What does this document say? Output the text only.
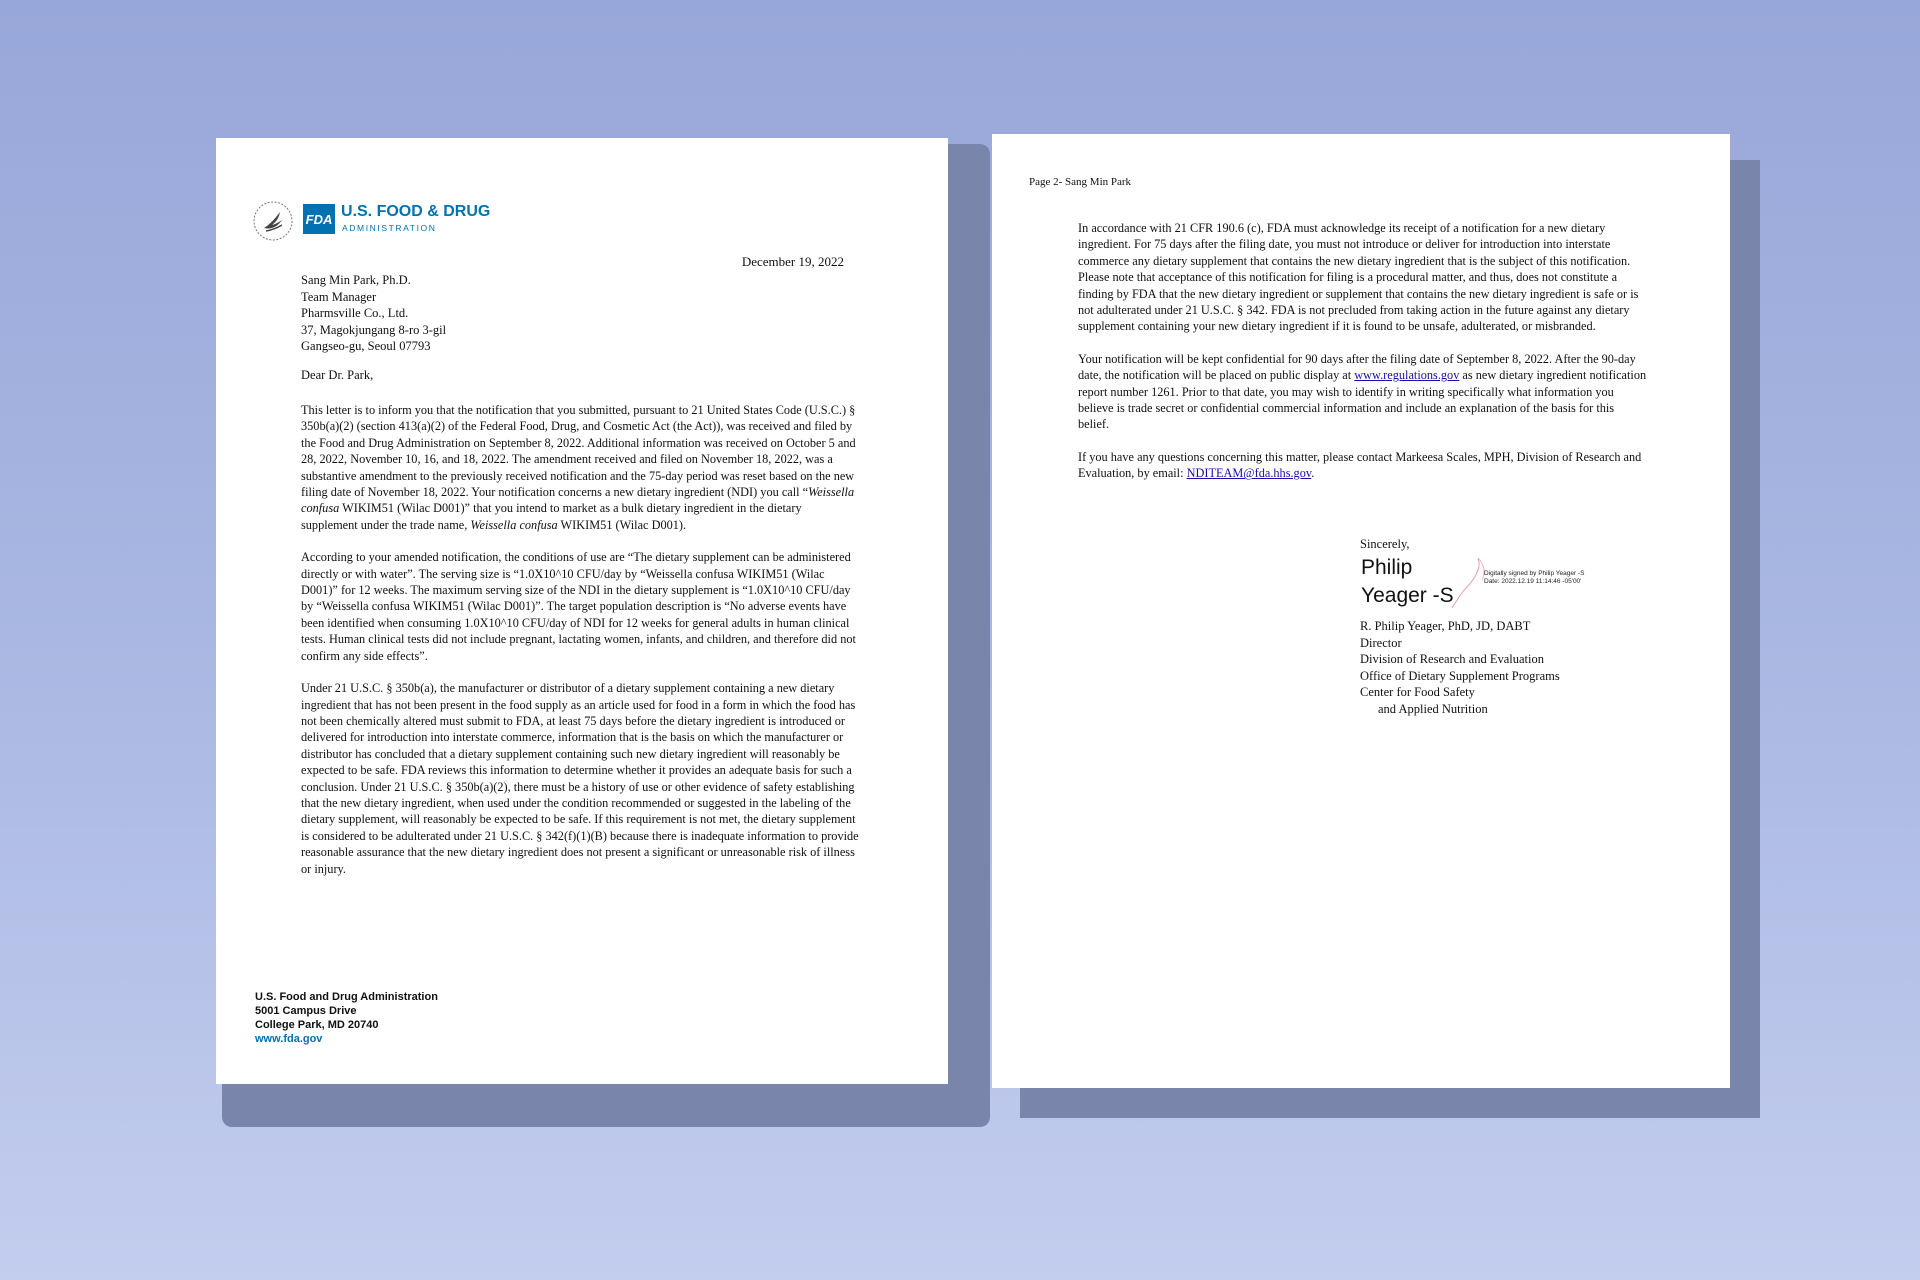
FDA U.S. FOOD & DRUG
ADMINISTRATION
December 19, 2022
Sang Min Park, Ph.D.
Team Manager
Pharmsville Co., Ltd.
37, Magokjungang 8-ro 3-gil
Gangseo-gu, Seoul 07793
Dear Dr. Park,

This letter is to inform you that the notification that you submitted, pursuant to 21 United States Code (U.S.C.) § 350b(a)(2) (section 413(a)(2) of the Federal Food, Drug, and Cosmetic Act (the Act)), was received and filed by the Food and Drug Administration on September 8, 2022. Additional information was received on October 5 and 28, 2022, November 10, 16, and 18, 2022. The amendment received and filed on November 18, 2022, was a substantive amendment to the previously received notification and the 75-day period was reset based on the new filing date of November 18, 2022. Your notification concerns a new dietary ingredient (NDI) you call “Weissella confusa WIKIM51 (Wilac D001)” that you intend to market as a bulk dietary ingredient in the dietary supplement under the trade name, Weissella confusa WIKIM51 (Wilac D001).

According to your amended notification, the conditions of use are “The dietary supplement can be administered directly or with water”. The serving size is “1.0X10^10 CFU/day by “Weissella confusa WIKIM51 (Wilac D001)” for 12 weeks. The maximum serving size of the NDI in the dietary supplement is “1.0X10^10 CFU/day by “Weissella confusa WIKIM51 (Wilac D001)”. The target population description is “No adverse events have been identified when consuming 1.0X10^10 CFU/day of NDI for 12 weeks for general adults in human clinical tests. Human clinical tests did not include pregnant, lactating women, infants, and children, and therefore did not confirm any side effects”.

Under 21 U.S.C. § 350b(a), the manufacturer or distributor of a dietary supplement containing a new dietary ingredient that has not been present in the food supply as an article used for food in a form in which the food has not been chemically altered must submit to FDA, at least 75 days before the dietary ingredient is introduced or delivered for introduction into interstate commerce, information that is the basis on which the manufacturer or distributor has concluded that a dietary supplement containing such new dietary ingredient will reasonably be expected to be safe. FDA reviews this information to determine whether it provides an adequate basis for such a conclusion. Under 21 U.S.C. § 350b(a)(2), there must be a history of use or other evidence of safety establishing that the new dietary ingredient, when used under the condition recommended or suggested in the labeling of the dietary supplement, will reasonably be expected to be safe. If this requirement is not met, the dietary supplement is considered to be adulterated under 21 U.S.C. § 342(f)(1)(B) because there is inadequate information to provide reasonable assurance that the new dietary ingredient does not present a significant or unreasonable risk of illness or injury.

U.S. Food and Drug Administration
5001 Campus Drive
College Park, MD 20740
www.fda.gov
Page 2- Sang Min Park

In accordance with 21 CFR 190.6 (c), FDA must acknowledge its receipt of a notification for a new dietary ingredient. For 75 days after the filing date, you must not introduce or deliver for introduction into interstate commerce any dietary supplement that contains the new dietary ingredient that is the subject of this notification. Please note that acceptance of this notification for filing is a procedural matter, and thus, does not constitute a finding by FDA that the new dietary ingredient or supplement that contains the new dietary ingredient is safe or is not adulterated under 21 U.S.C. § 342. FDA is not precluded from taking action in the future against any dietary supplement containing your new dietary ingredient if it is found to be unsafe, adulterated, or misbranded.

Your notification will be kept confidential for 90 days after the filing date of September 8, 2022. After the 90-day date, the notification will be placed on public display at www.regulations.gov as new dietary ingredient notification report number 1261. Prior to that date, you may wish to identify in writing specifically what information you believe is trade secret or confidential commercial information and include an explanation of the basis for this belief.

If you have any questions concerning this matter, please contact Markeesa Scales, MPH, Division of Research and Evaluation, by email: NDITEAM@fda.hhs.gov.

Sincerely,
Philip
Yeager -S
Digitally signed by Philip Yeager -S
Date: 2022.12.19 11:14:46 -05'00'
R. Philip Yeager, PhD, JD, DABT
Director
Division of Research and Evaluation
Office of Dietary Supplement Programs
Center for Food Safety
and Applied Nutrition
